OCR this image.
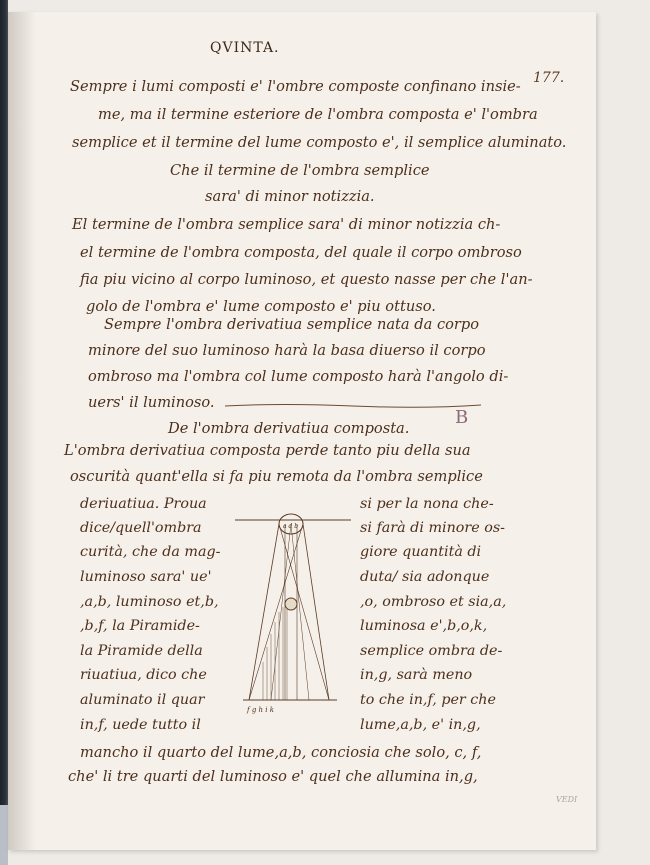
QVINTA.
177.
Sempre i lumi composti e' l'ombre composte confinano insie-
me, ma il termine esteriore de l'ombra composta e' l'ombra
semplice et il termine del lume composto e', il semplice aluminato.
Che il termine de l'ombra semplice
sara' di minor notizzia.
El termine de l'ombra semplice sara' di minor notizzia ch-
el termine de l'ombra composta, del quale il corpo ombroso
fia piu vicino al corpo luminoso, et questo nasse per che l'an-
golo de l'ombra e' lume composto e' piu ottuso.
Sempre l'ombra derivatiua semplice nata da corpo
minore del suo luminoso harà la basa diuerso il corpo
ombroso ma l'ombra col lume composto harà l'angolo di-
uers' il luminoso.
De l'ombra derivatiua composta.
L'ombra derivatiua composta perde tanto piu della sua
oscurità quant'ella si fa piu remota da l'ombra semplice
B
deriuatiua. Proua
dice/quell'ombra
curità, che da mag-
luminoso sara' ue'
,a,b, luminoso et,b,
,b,f, la Piramide-
la Piramide della
riuatiua, dico che
aluminato il quar
in,f, uede tutto il
si per la nona che-
si farà di minore os-
giore quantità di
duta/ sia adonque
,o, ombroso et sia,a,
luminosa e',b,o,k,
semplice ombra de-
in,g, sarà meno
to che in,f, per che
lume,a,b, e' in,g,
mancho il quarto del lume,a,b, conciosia che solo, c, f,
che' li tre quarti del luminoso e' quel che allumina in,g,
VEDI
a d b
f g h i k
